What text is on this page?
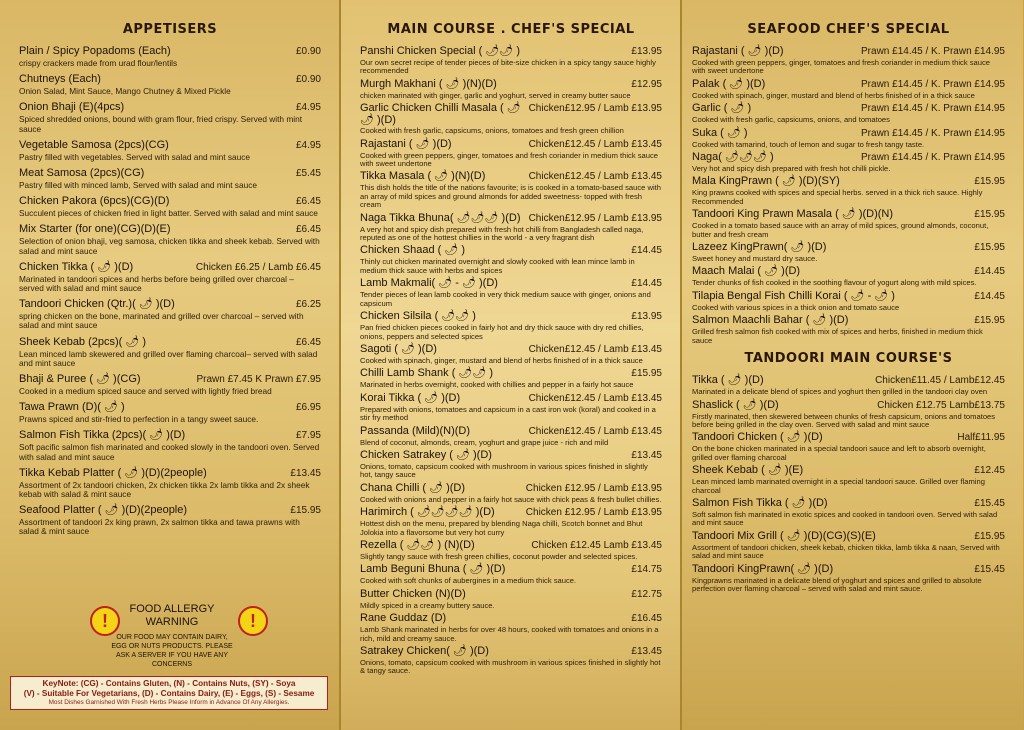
APPETISERS
Plain / Spicy Popadoms (Each)	£0.90
crispy crackers made from urad flour/lentils
Chutneys (Each)	£0.90
Onion Salad, Mint Sauce, Mango Chutney & Mixed Pickle
Onion Bhaji (E)(4pcs)	£4.95
Spiced shredded onions, bound with gram flour, fried crispy. Served with mint sauce
Vegetable Samosa (2pcs)(CG)	£4.95
Pastry filled with vegetables. Served with salad and mint sauce
Meat Samosa (2pcs)(CG)	£5.45
Pastry filled with minced lamb, Served with salad and mint sauce
Chicken Pakora (6pcs)(CG)(D)	£6.45
Succulent pieces of chicken fried in light batter. Served with salad and mint sauce
Mix Starter (for one)(CG)(D)(E)	£6.45
Selection of onion bhaji, veg samosa, chicken tikka and sheek kebab. Served with salad and mint sauce
Chicken Tikka ( 🌶 )(D)	Chicken £6.25 / Lamb £6.45
Marinated in tandoori spices and herbs before being grilled over charcoal – served with salad and mint sauce
Tandoori Chicken (Qtr.)( 🌶 )(D)	£6.25
spring chicken on the bone, marinated and grilled over charcoal – served with salad and mint sauce
Sheek Kebab (2pcs)( 🌶 )	£6.45
Lean minced lamb skewered and grilled over flaming charcoal– served with salad and mint sauce
Bhaji & Puree ( 🌶 )(CG)	Prawn £7.45 K Prawn £7.95
Cooked in a medium spiced sauce and served with lightly fried bread
Tawa Prawn (D)( 🌶 )	£6.95
Prawns spiced and stir-fried to perfection in a tangy sweet sauce.
Salmon Fish Tikka (2pcs)( 🌶 )(D)	£7.95
Soft pacific salmon fish marinated and cooked slowly in the tandoori oven. Served with salad and mint sauce
Tikka Kebab Platter ( 🌶 )(D)(2people)	£13.45
Assortment of 2x tandoori chicken, 2x chicken tikka 2x lamb tikka and 2x sheek kebab with salad & mint sauce
Seafood Platter ( 🌶 )(D)(2people)	£15.95
Assortment of tandoori 2x king prawn, 2x salmon tikka and tawa prawns with salad & mint sauce
!	!
FOOD ALLERGY
WARNING
OUR FOOD MAY CONTAIN DAIRY, EGG OR NUTS PRODUCTS. PLEASE ASK A SERVER IF YOU HAVE ANY CONCERNS
KeyNote: (CG) - Contains Gluten, (N) - Contains Nuts, (SY) - Soya
(V) - Suitable For Vegetarians, (D) - Contains Dairy, (E) - Eggs, (S) - Sesame
Most Dishes Garnished With Fresh Herbs Please Inform in Advance Of Any Allergies.
MAIN COURSE . CHEF'S SPECIAL
Panshi Chicken Special ( 🌶🌶 )	£13.95
Our own secret recipe of tender pieces of bite-size chicken in a spicy tangy sauce highly recommended
Murgh Makhani ( 🌶 )(N)(D)	£12.95
chicken marinated with ginger, garlic and yoghurt, served in creamy butter sauce
Garlic Chicken Chilli Masala ( 🌶🌶 )(D)
Chicken£12.95 / Lamb £13.95
Cooked with fresh garlic, capsicums, onions, tomatoes and fresh green chillion
Rajastani ( 🌶 )(D)	Chicken£12.45 / Lamb £13.45
Cooked with green peppers, ginger, tomatoes and fresh coriander in medium thick sauce with sweet undertone
Tikka Masala ( 🌶 )(N)(D)	Chicken£12.45 / Lamb £13.45
This dish holds the title of the nations favourite; is is cooked in a tomato-based sauce with an array of mild spices and ground almonds for added sweetness- topped with fresh cream
Naga Tikka Bhuna( 🌶🌶🌶 )(D) Chicken£12.95 / Lamb £13.95
A very hot and spicy dish prepared with fresh hot chilli from Bangladesh called naga, reputed as one of the hottest chillies in the world - a very fragrant dish
Chicken Shaad ( 🌶 )	£14.45
Thinly cut chicken marinated overnight and slowly cooked with lean mince lamb in medium thick sauce with herbs and spices
Lamb Makmali( 🌶 - 🌶 )(D)	£14.45
Tender pieces of lean lamb cooked in very thick medium sauce with ginger, onions and capsicum
Chicken Silsila ( 🌶🌶 )	£13.95
Pan fried chicken pieces cooked in fairly hot and dry thick sauce with dry red chillies, onions, peppers and selected spices
Sagoti ( 🌶 )(D)	Chicken£12.45 / Lamb £13.45
Cooked with spinach, ginger, mustard and blend of herbs finished of in a thick sauce
Chilli Lamb Shank ( 🌶🌶 )	£15.95
Marinated in herbs overnight, cooked with chillies and pepper in a fairly hot sauce
Korai Tikka ( 🌶 )(D)	Chicken£12.45 / Lamb £13.45
Prepared with onions, tomatoes and capsicum in a cast iron wok (koral) and cooked in a stir fry method
Passanda (Mild)(N)(D)	Chicken£12.45 / Lamb £13.45
Blend of coconut, almonds, cream, yoghurt and grape juice - rich and mild
Chicken Satrakey ( 🌶 )(D)	£13.45
Onions, tomato, capsicum cooked with mushroom in various spices finished in slightly hot, tangy sauce
Chana Chilli ( 🌶 )(D)	Chicken £12.95 / Lamb £13.95
Cooked with onions and pepper in a fairly hot sauce with chick peas & fresh bullet chillies.
Harimirch ( 🌶🌶🌶🌶 )(D)	Chicken £12.95 / Lamb £13.95
Hottest dish on the menu, prepared by blending Naga chilli, Scotch bonnet and Bhut Jolokia into a flavorsome but very hot curry
Rezella ( 🌶🌶 ) (N)(D)	Chicken £12.45 Lamb £13.45
Slightly tangy sauce with fresh green chillies, coconut powder and selected spices.
Lamb Beguni Bhuna ( 🌶 )(D)	£14.75
Cooked with soft chunks of aubergines in a medium thick sauce.
Butter Chicken (N)(D)	£12.75
Mildly spiced in a creamy buttery sauce.
Rane Guddaz (D)	£16.45
Lamb Shank marinated in herbs for over 48 hours, cooked with tomatoes and onions in a rich, mild and creamy sauce.
Satrakey Chicken( 🌶 )(D)	£13.45
Onions, tomato, capsicum cooked with mushroom in various spices finished in slightly hot & tangy sauce.
SEAFOOD CHEF'S SPECIAL
Rajastani ( 🌶 )(D)	Prawn £14.45 / K. Prawn £14.95
Cooked with green peppers, ginger, tomatoes and fresh coriander in medium thick sauce with sweet undertone
Palak ( 🌶 )(D)	Prawn £14.45 / K. Prawn £14.95
Cooked with spinach, ginger, mustard and blend of herbs finished of in a thick sauce
Garlic ( 🌶 )	Prawn £14.45 / K. Prawn £14.95
Cooked with fresh garlic, capsicums, onions, and tomatoes
Suka ( 🌶 )	Prawn £14.45 / K. Prawn £14.95
Cooked with tamarind, touch of lemon and sugar to fresh tangy taste.
Naga( 🌶🌶🌶 )	Prawn £14.45 / K. Prawn £14.95
Very hot and spicy dish prepared with fresh hot chilli pickle.
Mala KingPrawn ( 🌶 )(D)(SY)	£15.95
King prawns cooked with spices and special herbs. served in a thick rich sauce. Highly Recommended
Tandoori King Prawn Masala ( 🌶 )(D)(N)	£15.95
Cooked in a tomato based sauce with an array of mild spices, ground almonds, coconut, butter and fresh cream
Lazeez KingPrawn( 🌶 )(D)	£15.95
Sweet honey and mustard dry sauce.
Maach Malai ( 🌶 )(D)	£14.45
Tender chunks of fish cooked in the soothing flavour of yogurt along with mild spices.
Tilapia Bengal Fish Chilli Korai ( 🌶 - 🌶 )	£14.45
Cooked with various spices in a thick onion and tomato sauce
Salmon Maachli Bahar ( 🌶 )(D)	£15.95
Grilled fresh salmon fish cooked with mix of spices and herbs, finished in medium thick sauce
TANDOORI MAIN COURSE'S
Tikka ( 🌶 )(D)	Chicken£11.45 / Lamb£12.45
Marinated in a delicate blend of spices and yoghurt then grilled in the tandoori clay oven
Shaslick ( 🌶 )(D)	Chicken £12.75 Lamb£13.75
Firstly marinated, then skewered between chunks of fresh capsicum, onions and tomatoes before being grilled in the clay oven. Served with salad and mint sauce
Tandoori Chicken ( 🌶 )(D)	Half£11.95
On the bone chicken marinated in a special tandoori sauce and left to absorb overnight, grilled over flaming charcoal
Sheek Kebab ( 🌶 )(E)	£12.45
Lean minced lamb marinated overnight in a special tandoori sauce. Grilled over flaming charcoal
Salmon Fish Tikka ( 🌶 )(D)	£15.45
Soft salmon fish marinated in exotic spices and cooked in tandoori oven. Served with salad and mint sauce
Tandoori Mix Grill ( 🌶 )(D)(CG)(S)(E)	£15.95
Assortment of tandoori chicken, sheek kebab, chicken tikka, lamb tikka & naan, Served with salad and mint sauce
Tandoori KingPrawn( 🌶 )(D)	£15.45
Kingprawns marinated in a delicate blend of yoghurt and spices and grilled to absolute perfection over flaming charcoal – served with salad and mint sauce.
